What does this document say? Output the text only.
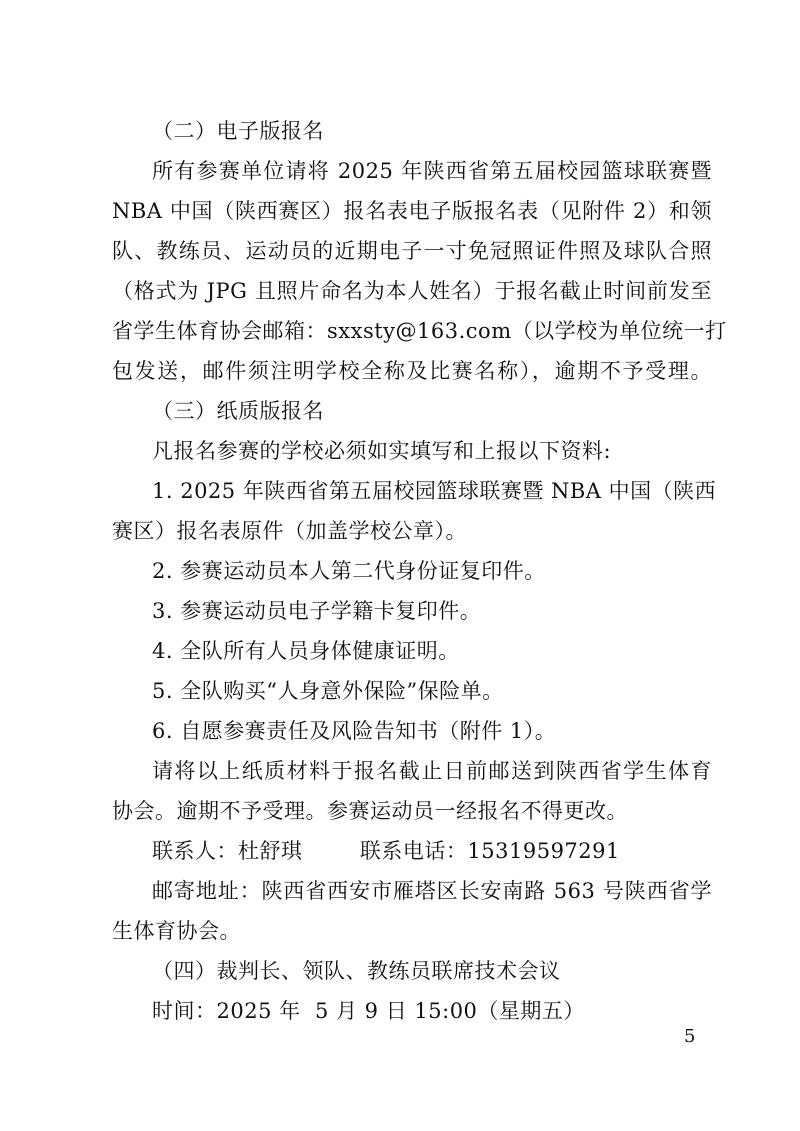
（二）电子版报名
所有参赛单位请将 2025 年陕西省第五届校园篮球联赛暨
NBA 中国（陕西赛区）报名表电子版报名表（见附件 2）和领
队、教练员、运动员的近期电子一寸免冠照证件照及球队合照
（格式为 JPG 且照片命名为本人姓名）于报名截止时间前发至
省学生体育协会邮箱：sxxsty@163.com（以学校为单位统一打
包发送，邮件须注明学校全称及比赛名称），逾期不予受理。
（三）纸质版报名
凡报名参赛的学校必须如实填写和上报以下资料:
1. 2025 年陕西省第五届校园篮球联赛暨 NBA 中国（陕西
赛区）报名表原件（加盖学校公章）。
2. 参赛运动员本人第二代身份证复印件。
3. 参赛运动员电子学籍卡复印件。
4. 全队所有人员身体健康证明。
5. 全队购买“人身意外保险”保险单。
6. 自愿参赛责任及风险告知书（附件 1）。
请将以上纸质材料于报名截止日前邮送到陕西省学生体育
协会。逾期不予受理。参赛运动员一经报名不得更改。
联系人：杜舒琪        联系电话：15319597291
邮寄地址：陕西省西安市雁塔区长安南路 563 号陕西省学
生体育协会。
（四）裁判长、领队、教练员联席技术会议
时间：2025 年  5 月 9 日 15:00（星期五）
5
